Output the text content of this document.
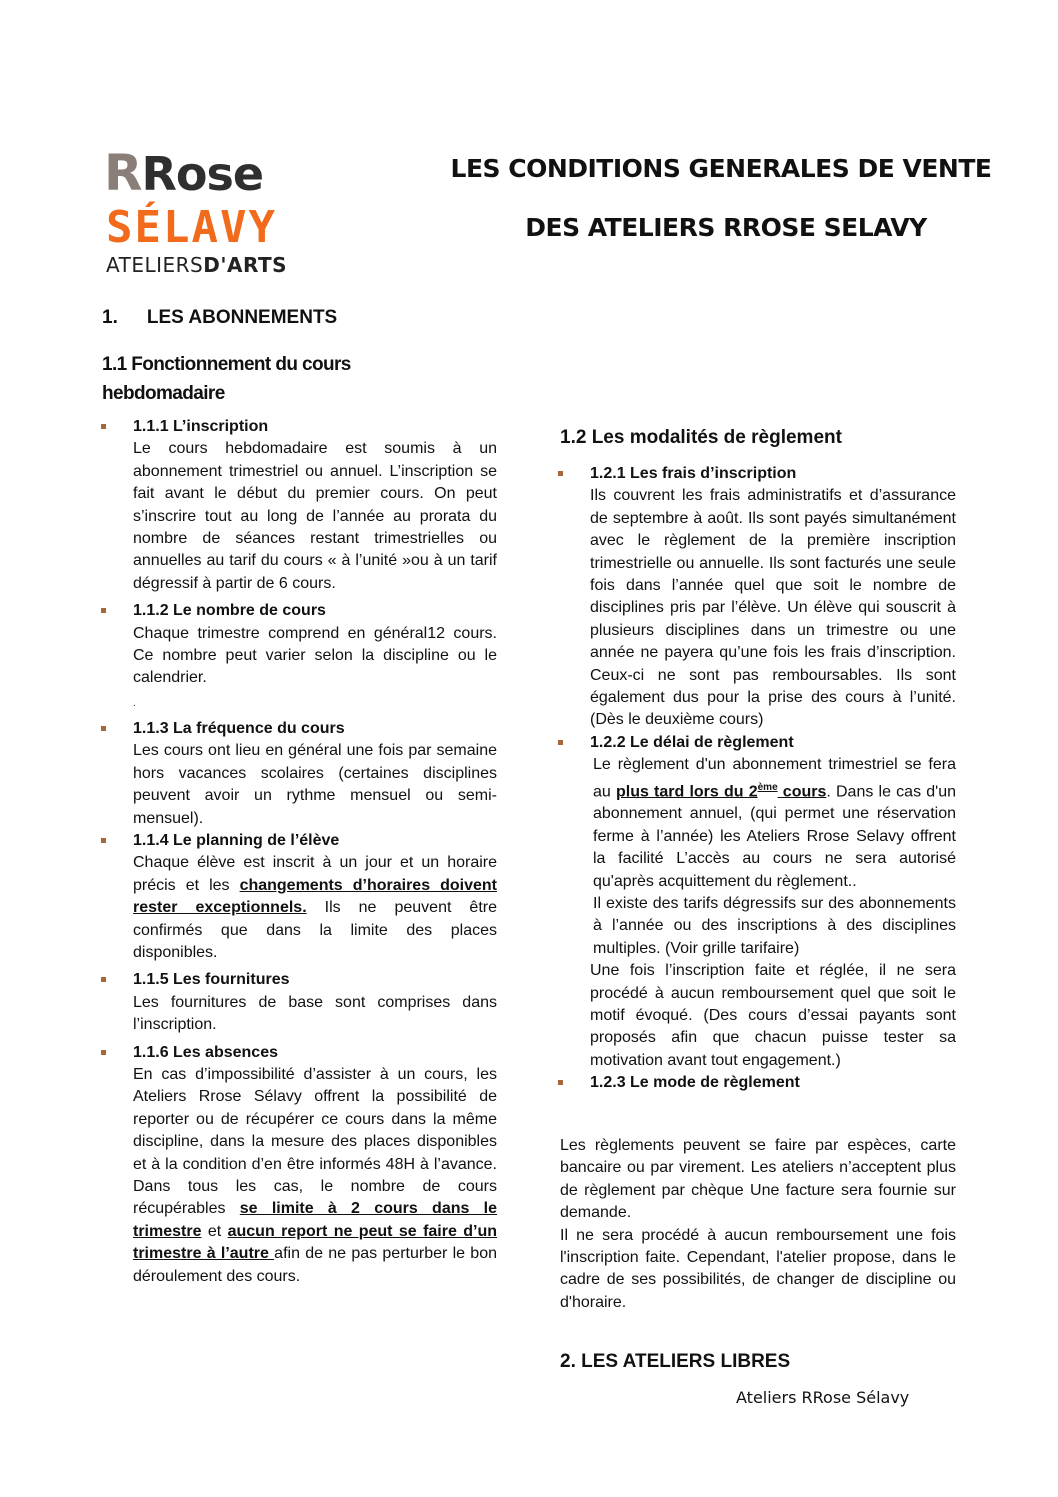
RRose
SÉLAVY
ATELIERSD'ARTS
LES CONDITIONS GENERALES DE VENTE
DES ATELIERS RROSE SELAVY
1. LES ABONNEMENTS
1.1 Fonctionnement du cours hebdomadaire
1.1.1 L’inscription

Le cours hebdomadaire est soumis à un abonnement trimestriel ou annuel. L’inscription se fait avant le début du premier cours. On peut s’inscrire tout au long de l’année au prorata du nombre de séances restant trimestrielles ou annuelles au tarif du cours « à l’unité »ou à un tarif dégressif à partir de 6 cours.

1.1.2 Le nombre de cours

Chaque trimestre comprend en général12 cours. Ce nombre peut varier selon la discipline ou le calendrier.

.
1.1.3 La fréquence du cours

Les cours ont lieu en général une fois par semaine hors vacances scolaires (certaines disciplines peuvent avoir un rythme mensuel ou semi-mensuel).

1.1.4 Le planning de l’élève

Chaque élève est inscrit à un jour et un horaire précis et les changements d’horaires doivent rester exceptionnels. Ils ne peuvent être confirmés que dans la limite des places disponibles.

1.1.5 Les fournitures

Les fournitures de base sont comprises dans l’inscription.

1.1.6 Les absences

En cas d’impossibilité d’assister à un cours, les Ateliers Rrose Sélavy offrent la possibilité de reporter ou de récupérer ce cours dans la même discipline, dans la mesure des places disponibles et à la condition d’en être informés 48H à l’avance. Dans tous les cas, le nombre de cours récupérables se limite à 2 cours dans le trimestre et aucun report ne peut se faire d’un trimestre à l’autre afin de ne pas perturber le bon déroulement des cours.

1.2 Les modalités de règlement
1.2.1 Les frais d’inscription

Ils couvrent les frais administratifs et d’assurance de septembre à août. Ils sont payés simultanément avec le règlement de la première inscription trimestrielle ou annuelle. Ils sont facturés une seule fois dans l’année quel que soit le nombre de disciplines pris par l’élève. Un élève qui souscrit à plusieurs disciplines dans un trimestre ou une année ne payera qu’une fois les frais d’inscription. Ceux-ci ne sont pas remboursables. Ils sont également dus pour la prise des cours à l’unité. (Dès le deuxième cours)

1.2.2 Le délai de règlement

Le règlement d'un abonnement trimestriel se fera au plus tard lors du 2ème cours. Dans le cas d'un abonnement annuel, (qui permet une réservation ferme à l’année) les Ateliers Rrose Selavy offrent la facilité L’accès au cours ne sera autorisé qu'après acquittement du règlement..

Il existe des tarifs dégressifs sur des abonnements à l’année ou des inscriptions à des disciplines multiples. (Voir grille tarifaire)

Une fois l’inscription faite et réglée, il ne sera procédé à aucun remboursement quel que soit le motif évoqué. (Des cours d’essai payants sont proposés afin que chacun puisse tester sa motivation avant tout engagement.)

1.2.3 Le mode de règlement

Les règlements peuvent se faire par espèces, carte bancaire ou par virement. Les ateliers n’acceptent plus de règlement par chèque Une facture sera fournie sur demande.

Il ne sera procédé à aucun remboursement une fois l'inscription faite. Cependant, l'atelier propose, dans le cadre de ses possibilités, de changer de discipline ou d'horaire.

2. LES ATELIERS LIBRES
Ateliers RRose Sélavy
